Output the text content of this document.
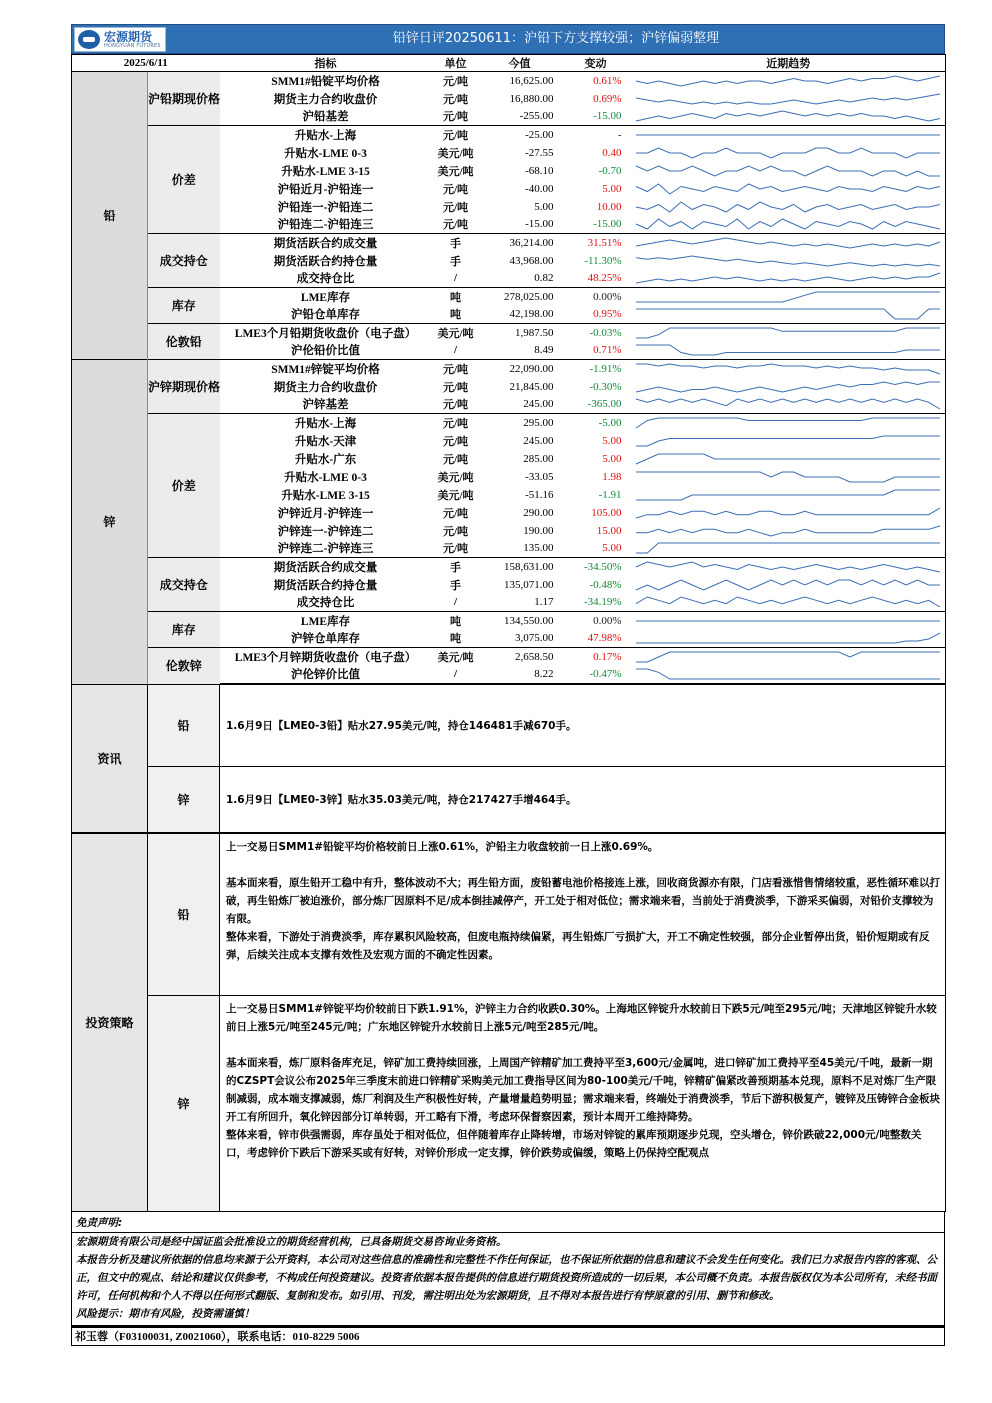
宏源期货
HONGYUAN FUTURES	铅锌日评20250611：沪铅下方支撑较强；沪锌偏弱整理
2025/6/11		指标	单位	今值	变动	近期趋势
铅	沪铅期现价格	SMM1#铅锭平均价格	元/吨	16,625.00	0.61%	

		期货主力合约收盘价	元/吨	16,880.00	0.69%	

		沪铅基差	元/吨	-255.00	-15.00	

	价差	升贴水-上海	元/吨	-25.00	-	

		升贴水-LME 0-3	美元/吨	-27.55	0.40	

		升贴水-LME 3-15	美元/吨	-68.10	-0.70	

		沪铅近月-沪铅连一	元/吨	-40.00	5.00	

		沪铅连一-沪铅连二	元/吨	5.00	10.00	

		沪铅连二-沪铅连三	元/吨	-15.00	-15.00	

	成交持仓	期货活跃合约成交量	手	36,214.00	31.51%	

		期货活跃合约持仓量	手	43,968.00	-11.30%	

		成交持仓比	/	0.82	48.25%	

	库存	LME库存	吨	278,025.00	0.00%	

		沪铅仓单库存	吨	42,198.00	0.95%	

	伦敦铅	LME3个月铅期货收盘价（电子盘）	美元/吨	1,987.50	-0.03%	

		沪伦铅价比值	/	8.49	0.71%	

锌	沪锌期现价格	SMM1#锌锭平均价格	元/吨	22,090.00	-1.91%	

		期货主力合约收盘价	元/吨	21,845.00	-0.30%	

		沪锌基差	元/吨	245.00	-365.00	

	价差	升贴水-上海	元/吨	295.00	-5.00	

		升贴水-天津	元/吨	245.00	5.00	

		升贴水-广东	元/吨	285.00	5.00	

		升贴水-LME 0-3	美元/吨	-33.05	1.98	

		升贴水-LME 3-15	美元/吨	-51.16	-1.91	

		沪锌近月-沪锌连一	元/吨	290.00	105.00	

		沪锌连一-沪锌连二	元/吨	190.00	15.00	

		沪锌连二-沪锌连三	元/吨	135.00	5.00	

	成交持仓	期货活跃合约成交量	手	158,631.00	-34.50%	

		期货活跃合约持仓量	手	135,071.00	-0.48%	

		成交持仓比	/	1.17	-34.19%	

	库存	LME库存	吨	134,550.00	0.00%	

		沪锌仓单库存	吨	3,075.00	47.98%	

	伦敦锌	LME3个月锌期货收盘价（电子盘）	美元/吨	2,658.50	0.17%	

		沪伦锌价比值	/	8.22	-0.47%	
资讯	铅	1.6月9日【LME0-3铅】贴水27.95美元/吨，持仓146481手减670手。
	锌	1.6月9日【LME0-3锌】贴水35.03美元/吨，持仓217427手增464手。
投资策略	铅	上一交易日SMM1#铅锭平均价格较前日上涨0.61%，沪铅主力收盘较前一日上涨0.69%。

基本面来看，原生铅开工稳中有升，整体波动不大；再生铅方面，废铅蓄电池价格接连上涨，回收商货源亦有限，门店看涨惜售情绪较重，恶性循环难以打破，再生铅炼厂被迫涨价，部分炼厂因原料不足/成本倒挂减停产，开工处于相对低位；需求端来看，当前处于消费淡季，下游采买偏弱，对铅价支撑较为有限。

整体来看，下游处于消费淡季，库存累积风险较高，但废电瓶持续偏紧，再生铅炼厂亏损扩大，开工不确定性较强，部分企业暂停出货，铅价短期或有反弹，后续关注成本支撑有效性及宏观方面的不确定性因素。

	锌	上一交易日SMM1#锌锭平均价较前日下跌1.91%，沪锌主力合约收跌0.30%。上海地区锌锭升水较前日下跌5元/吨至295元/吨；天津地区锌锭升水较前日上涨5元/吨至245元/吨；广东地区锌锭升水较前日上涨5元/吨至285元/吨。

基本面来看，炼厂原料备库充足，锌矿加工费持续回涨，上周国产锌精矿加工费持平至3,600元/金属吨，进口锌矿加工费持平至45美元/千吨，最新一期的CZSPT会议公布2025年三季度末前进口锌精矿采购美元加工费指导区间为80-100美元/千吨，锌精矿偏紧改善预期基本兑现，原料不足对炼厂生产限制减弱，成本端支撑减弱，炼厂利润及生产积极性好转，产量增量趋势明显；需求端来看，终端处于消费淡季，节后下游积极复产，镀锌及压铸锌合金板块开工有所回升，氧化锌因部分订单转弱，开工略有下滑，考虑环保督察因素，预计本周开工维持降势。

整体来看，锌市供强需弱，库存虽处于相对低位，但伴随着库存止降转增，市场对锌锭的累库预期逐步兑现，空头增仓，锌价跌破22,000元/吨整数关口，考虑锌价下跌后下游采买或有好转，对锌价形成一定支撑，锌价跌势或偏缓，策略上仍保持空配观点

免责声明:
宏源期货有限公司是经中国证监会批准设立的期货经营机构，已具备期货交易咨询业务资格。
本报告分析及建议所依据的信息均来源于公开资料，本公司对这些信息的准确性和完整性不作任何保证，也不保证所依据的信息和建议不会发生任何变化。我们已力求报告内容的客观、公正，但文中的观点、结论和建议仅供参考，不构成任何投资建议。投资者依据本报告提供的信息进行期货投资所造成的一切后果，本公司概不负责。本报告版权仅为本公司所有，未经书面许可，任何机构和个人不得以任何形式翻版、复制和发布。如引用、刊发，需注明出处为宏源期货，且不得对本报告进行有悖原意的引用、删节和修改。
风险提示：期市有风险，投资需谨慎！
祁玉蓉（F03100031, Z0021060），联系电话：010-8229 5006
